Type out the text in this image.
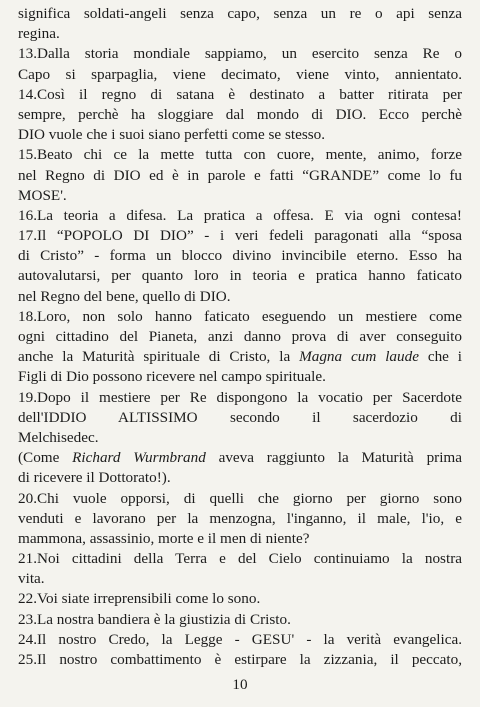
significa soldati-angeli senza capo, senza un re o api senza
regina.
13.Dalla storia mondiale sappiamo, un esercito senza Re o
Capo si sparpaglia, viene decimato, viene vinto, annientato.
14.Così il regno di satana è destinato a batter ritirata per
sempre, perchè ha sloggiare dal mondo di DIO. Ecco perchè
DIO vuole che i suoi siano perfetti come se stesso.
15.Beato chi ce la mette tutta con cuore, mente, animo, forze
nel Regno di DIO ed è in parole e fatti “GRANDE” come lo fu
MOSE'.
16.La teoria a difesa. La pratica a offesa. E via ogni contesa!
17.Il “POPOLO DI DIO” - i veri fedeli paragonati alla “sposa
di Cristo” - forma un blocco divino invincibile eterno. Esso ha
autovalutarsi, per quanto loro in teoria e pratica hanno faticato
nel Regno del bene, quello di DIO.
18.Loro, non solo hanno faticato eseguendo un mestiere come
ogni cittadino del Pianeta, anzi danno prova di aver conseguito
anche la Maturità spirituale di Cristo, la Magna cum laude che i
Figli di Dio possono ricevere nel campo spirituale.
19.Dopo il mestiere per Re dispongono la vocatio per Sacerdote
dell'IDDIO ALTISSIMO secondo il sacerdozio di
Melchisedec.
(Come Richard Wurmbrand aveva raggiunto la Maturità prima
di ricevere il Dottorato!).
20.Chi vuole opporsi, di quelli che giorno per giorno sono
venduti e lavorano per la menzogna, l'inganno, il male, l'io, e
mammona, assassinio, morte e il men di niente?
21.Noi cittadini della Terra e del Cielo continuiamo la nostra
vita.
22.Voi siate irreprensibili come lo sono.
23.La nostra bandiera è la giustizia di Cristo.
24.Il nostro Credo, la Legge - GESU' - la verità evangelica.
25.Il nostro combattimento è estirpare la zizzania, il peccato,
10
